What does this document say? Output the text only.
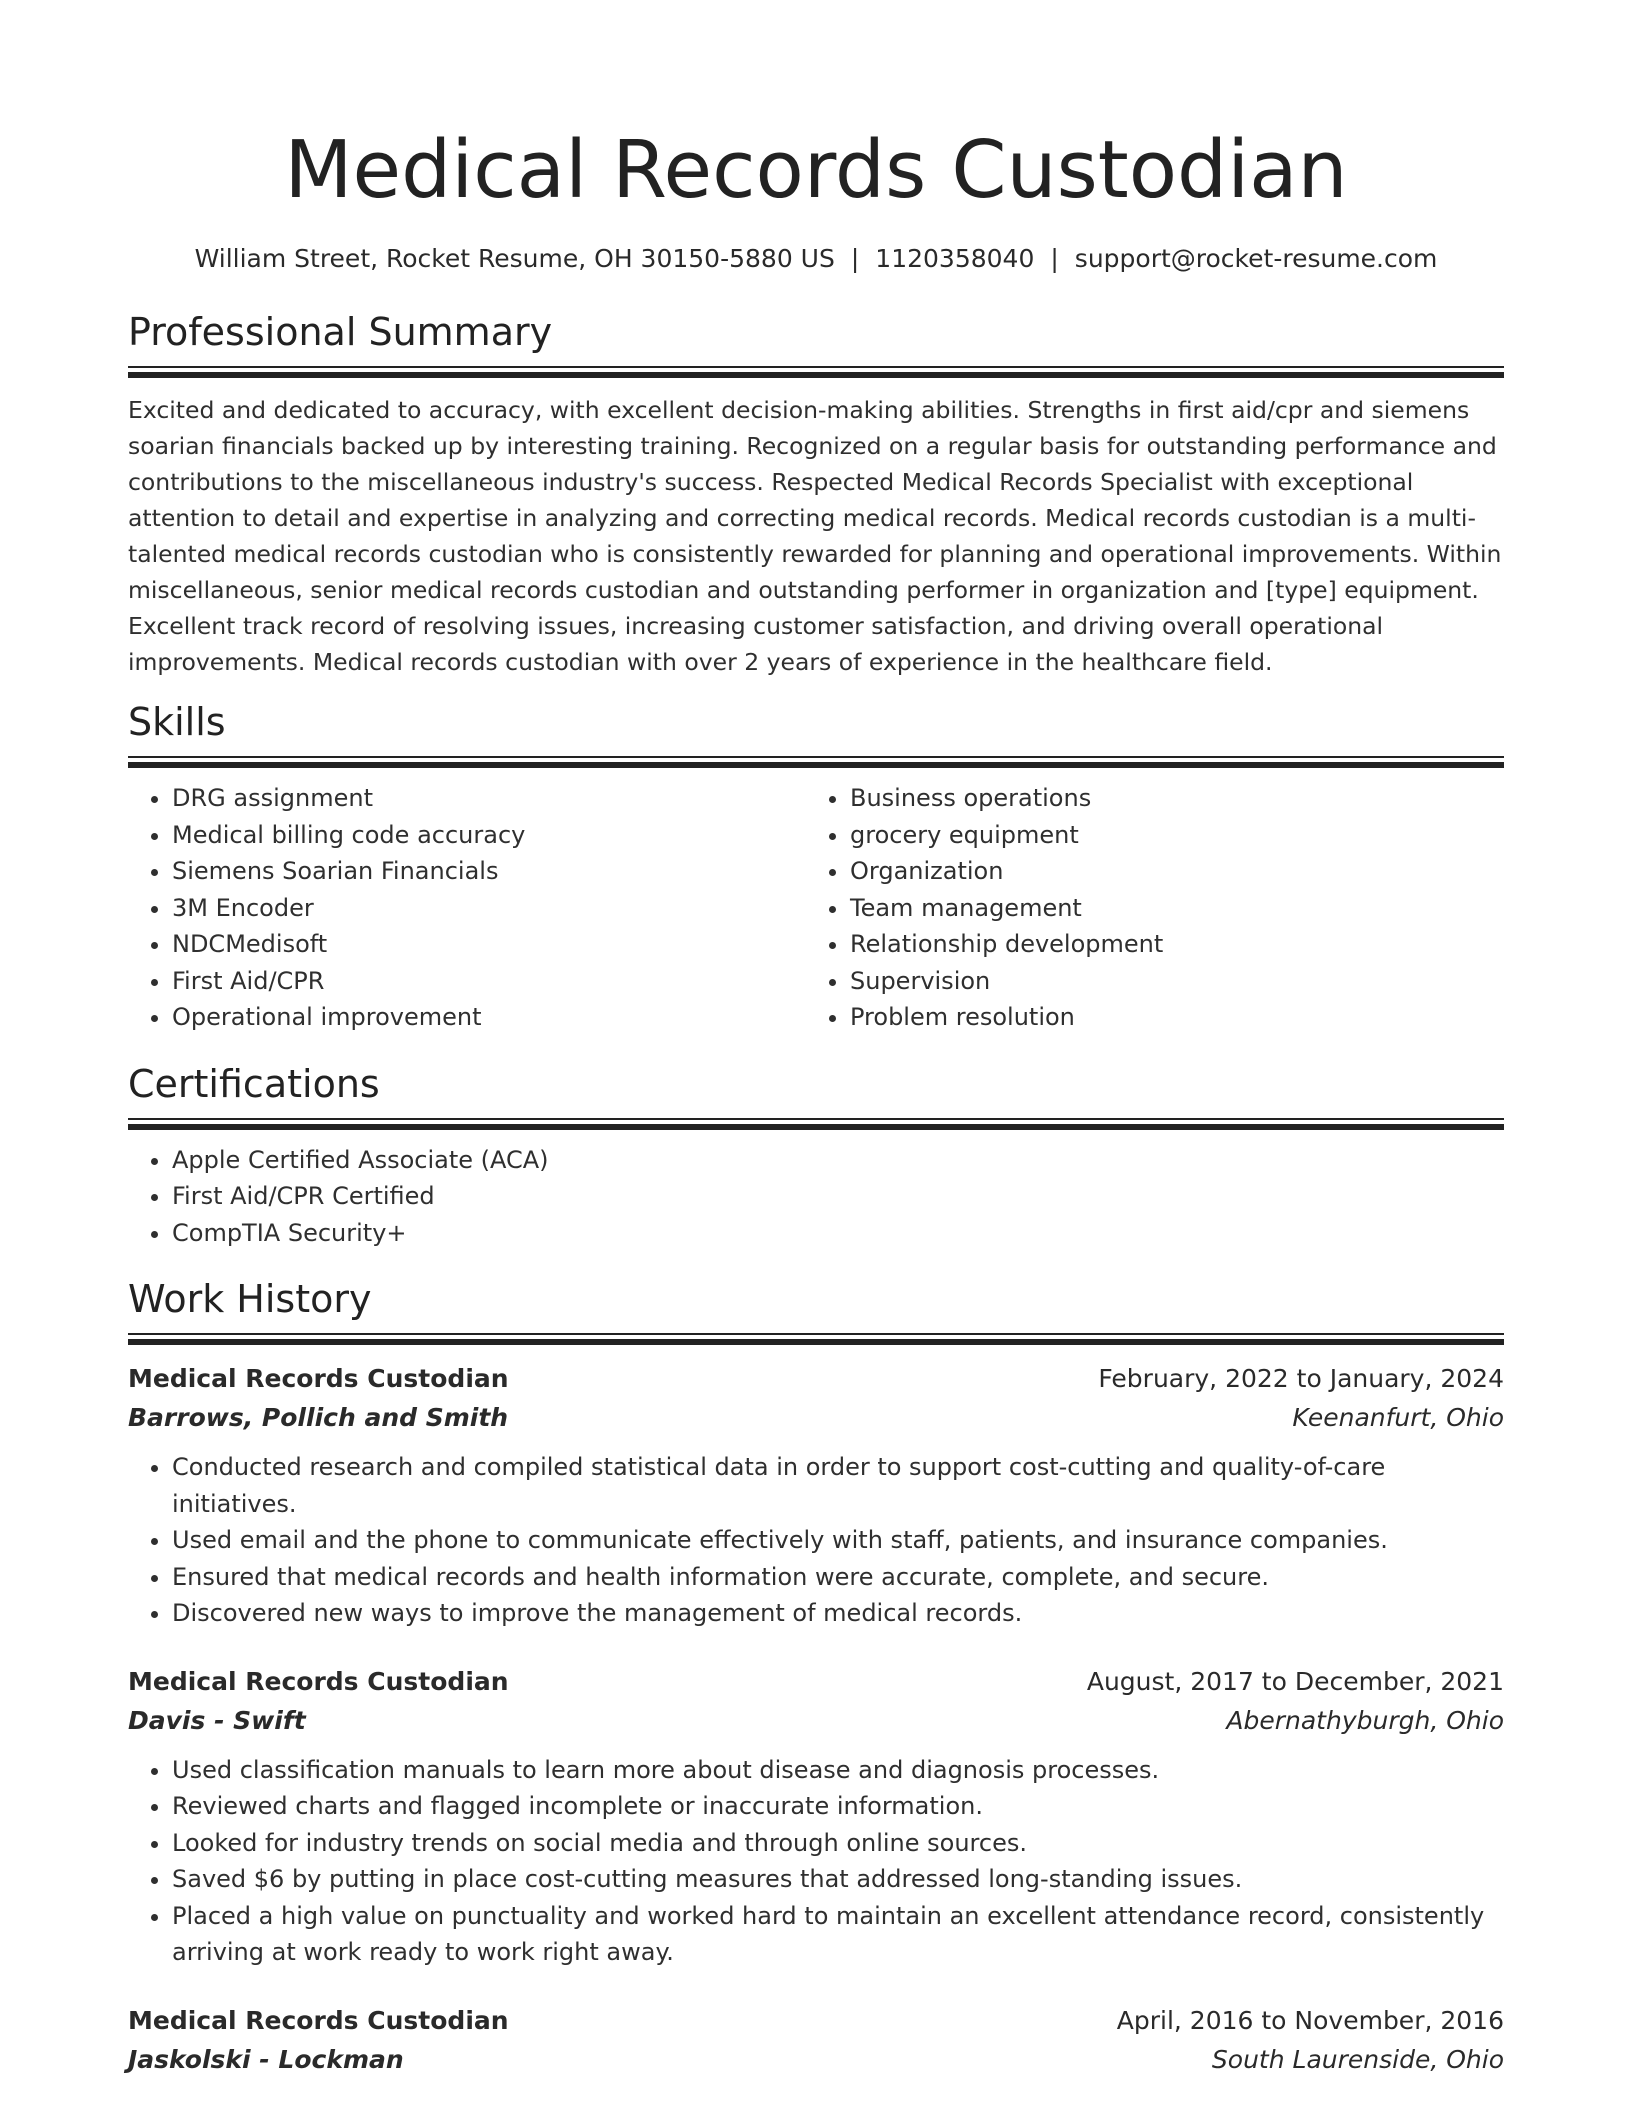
Medical Records Custodian
William Street, Rocket Resume, OH 30150-5880 US | 1120358040 | support@rocket-resume.com
Professional Summary

Excited and dedicated to accuracy, with excellent decision-making abilities. Strengths in first aid/cpr and siemens soarian financials backed up by interesting training. Recognized on a regular basis for outstanding performance and contributions to the miscellaneous industry's success. Respected Medical Records Specialist with exceptional attention to detail and expertise in analyzing and correcting medical records. Medical records custodian is a multi-talented medical records custodian who is consistently rewarded for planning and operational improvements. Within miscellaneous, senior medical records custodian and outstanding performer in organization and [type] equipment. Excellent track record of resolving issues, increasing customer satisfaction, and driving overall operational improvements. Medical records custodian with over 2 years of experience in the healthcare field.

Skills
• DRG assignment
• Medical billing code accuracy
• Siemens Soarian Financials
• 3M Encoder
• NDCMedisoft
• First Aid/CPR
• Operational improvement
• Business operations
• grocery equipment
• Organization
• Team management
• Relationship development
• Supervision
• Problem resolution
Certifications
• Apple Certified Associate (ACA)
• First Aid/CPR Certified
• CompTIA Security+
Work History
Medical Records Custodian	February, 2022 to January, 2024
Barrows, Pollich and Smith	Keenanfurt, Ohio
• Conducted research and compiled statistical data in order to support cost-cutting and quality-of-care initiatives.
• Used email and the phone to communicate effectively with staff, patients, and insurance companies.
• Ensured that medical records and health information were accurate, complete, and secure.
• Discovered new ways to improve the management of medical records.
Medical Records Custodian	August, 2017 to December, 2021
Davis - Swift	Abernathyburgh, Ohio
• Used classification manuals to learn more about disease and diagnosis processes.
• Reviewed charts and flagged incomplete or inaccurate information.
• Looked for industry trends on social media and through online sources.
• Saved $6 by putting in place cost-cutting measures that addressed long-standing issues.
• Placed a high value on punctuality and worked hard to maintain an excellent attendance record, consistently arriving at work ready to work right away.
Medical Records Custodian	April, 2016 to November, 2016
Jaskolski - Lockman	South Laurenside, Ohio
